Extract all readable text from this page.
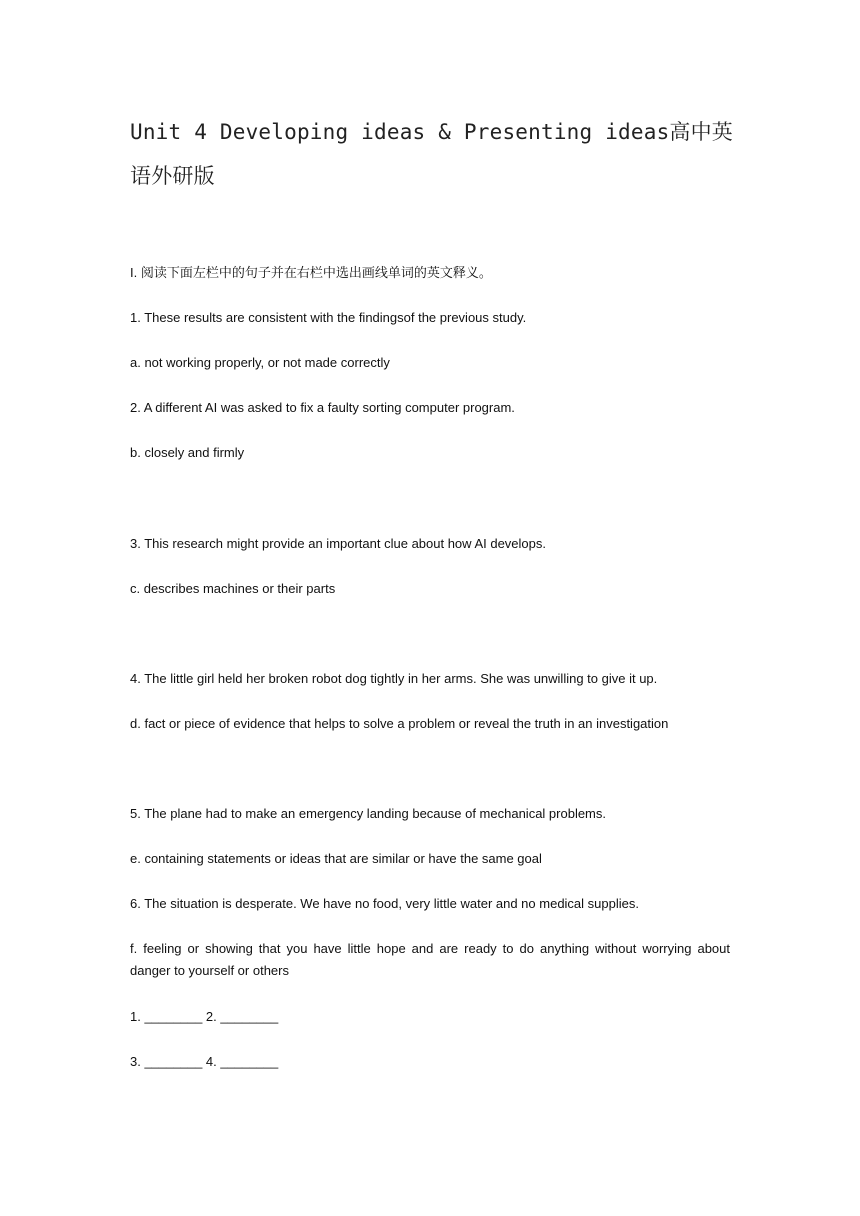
Unit 4 Developing ideas & Presenting ideas高中英语外研版
I. 阅读下面左栏中的句子并在右栏中选出画线单词的英文释义。
1. These results are consistent with the findingsof the previous study.
a. not working properly, or not made correctly
2. A different AI was asked to fix a faulty sorting computer program.
b. closely and firmly
3. This research might provide an important clue about how AI develops.
c. describes machines or their parts
4. The little girl held her broken robot dog tightly in her arms. She was unwilling to give it up.
d. fact or piece of evidence that helps to solve a problem or reveal the truth in an investigation
5. The plane had to make an emergency landing because of mechanical problems.
e. containing statements or ideas that are similar or have the same goal
6. The situation is desperate. We have no food, very little water and no medical supplies.
f. feeling or showing that you have little hope and are ready to do anything without worrying about danger to yourself or others
1. ________ 2. ________
3. ________ 4. ________
